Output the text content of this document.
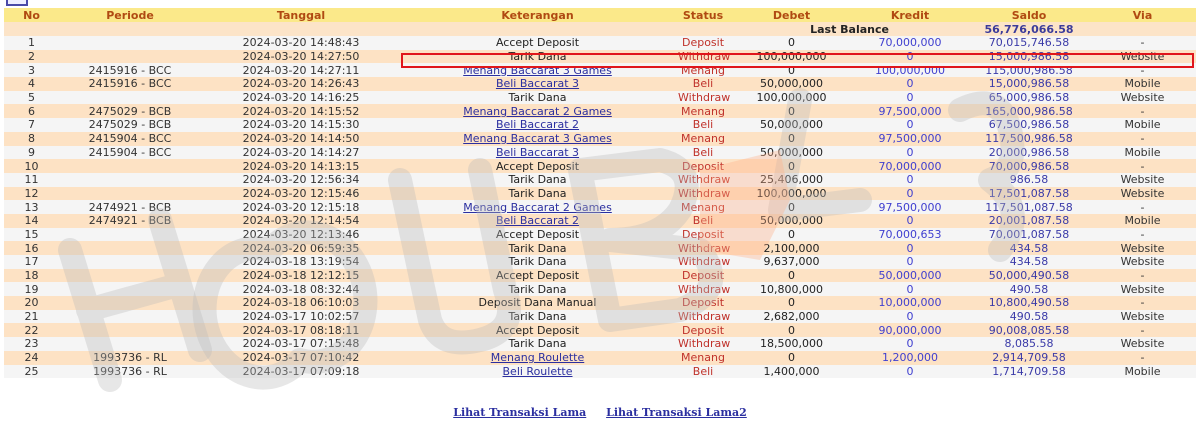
No	Periode	Tanggal	Keterangan	Status	Debet	Kredit	Saldo	Via
Last Balance							56,776,066.58	
1		2024-03-20 14:48:43	Accept Deposit	Deposit	0	70,000,000	70,015,746.58	-
2		2024-03-20 14:27:50	Tarik Dana	Withdraw	100,000,000	0	15,000,986.58	Website
3	2415916 - BCC	2024-03-20 14:27:11	Menang Baccarat 3 Games	Menang	0	100,000,000	115,000,986.58	-
4	2415916 - BCC	2024-03-20 14:26:43	Beli Baccarat 3	Beli	50,000,000	0	15,000,986.58	Mobile
5		2024-03-20 14:16:25	Tarik Dana	Withdraw	100,000,000	0	65,000,986.58	Website
6	2475029 - BCB	2024-03-20 14:15:52	Menang Baccarat 2 Games	Menang	0	97,500,000	165,000,986.58	-
7	2475029 - BCB	2024-03-20 14:15:30	Beli Baccarat 2	Beli	50,000,000	0	67,500,986.58	Mobile
8	2415904 - BCC	2024-03-20 14:14:50	Menang Baccarat 3 Games	Menang	0	97,500,000	117,500,986.58	-
9	2415904 - BCC	2024-03-20 14:14:27	Beli Baccarat 3	Beli	50,000,000	0	20,000,986.58	Mobile
10		2024-03-20 14:13:15	Accept Deposit	Deposit	0	70,000,000	70,000,986.58	-
11		2024-03-20 12:56:34	Tarik Dana	Withdraw	25,406,000	0	986.58	Website
12		2024-03-20 12:15:46	Tarik Dana	Withdraw	100,000,000	0	17,501,087.58	Website
13	2474921 - BCB	2024-03-20 12:15:18	Menang Baccarat 2 Games	Menang	0	97,500,000	117,501,087.58	-
14	2474921 - BCB	2024-03-20 12:14:54	Beli Baccarat 2	Beli	50,000,000	0	20,001,087.58	Mobile
15		2024-03-20 12:13:46	Accept Deposit	Deposit	0	70,000,653	70,001,087.58	-
16		2024-03-20 06:59:35	Tarik Dana	Withdraw	2,100,000	0	434.58	Website
17		2024-03-18 13:19:54	Tarik Dana	Withdraw	9,637,000	0	434.58	Website
18		2024-03-18 12:12:15	Accept Deposit	Deposit	0	50,000,000	50,000,490.58	-
19		2024-03-18 08:32:44	Tarik Dana	Withdraw	10,800,000	0	490.58	Website
20		2024-03-18 06:10:03	Deposit Dana Manual	Deposit	0	10,000,000	10,800,490.58	-
21		2024-03-17 10:02:57	Tarik Dana	Withdraw	2,682,000	0	490.58	Website
22		2024-03-17 08:18:11	Accept Deposit	Deposit	0	90,000,000	90,008,085.58	-
23		2024-03-17 07:15:48	Tarik Dana	Withdraw	18,500,000	0	8,085.58	Website
24	1993736 - RL	2024-03-17 07:10:42	Menang Roulette	Menang	0	1,200,000	2,914,709.58	-
25	1993736 - RL	2024-03-17 07:09:18	Beli Roulette	Beli	1,400,000	0	1,714,709.58	Mobile
Lihat Transaksi Lama Lihat Transaksi Lama2
